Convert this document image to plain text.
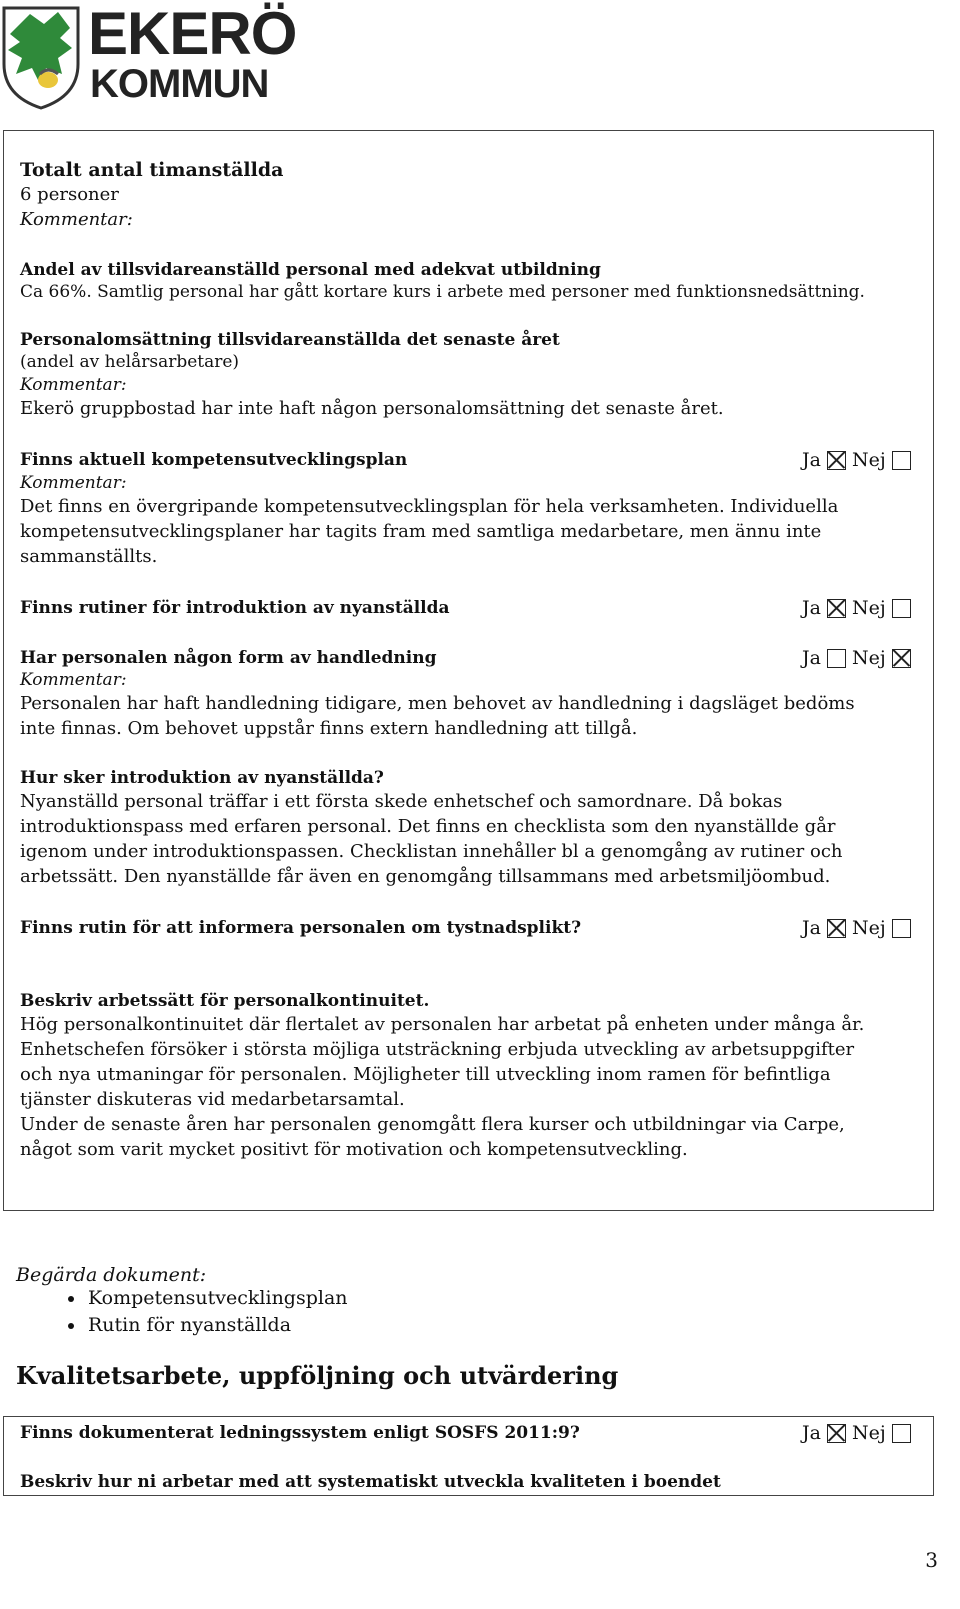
EKERÖ
KOMMUN
Totalt antal timanställda
6 personer
Kommentar:
Andel av tillsvidareanställd personal med adekvat utbildning
Ca 66%. Samtlig personal har gått kortare kurs i arbete med personer med funktionsnedsättning.
Personalomsättning tillsvidareanställda det senaste året
(andel av helårsarbetare)
Kommentar:
Ekerö gruppbostad har inte haft någon personalomsättning det senaste året.
Finns aktuell kompetensutvecklingsplan	Ja Nej
Kommentar:
Det finns en övergripande kompetensutvecklingsplan för hela verksamheten. Individuella
kompetensutvecklingsplaner har tagits fram med samtliga medarbetare, men ännu inte
sammanställts.
Finns rutiner för introduktion av nyanställda	Ja Nej
Har personalen någon form av handledning	Ja Nej
Kommentar:
Personalen har haft handledning tidigare, men behovet av handledning i dagsläget bedöms
inte finnas. Om behovet uppstår finns extern handledning att tillgå.
Hur sker introduktion av nyanställda?
Nyanställd personal träffar i ett första skede enhetschef och samordnare. Då bokas
introduktionspass med erfaren personal. Det finns en checklista som den nyanställde går
igenom under introduktionspassen. Checklistan innehåller bl a genomgång av rutiner och
arbetssätt. Den nyanställde får även en genomgång tillsammans med arbetsmiljöombud.
Finns rutin för att informera personalen om tystnadsplikt?	Ja Nej
Beskriv arbetssätt för personalkontinuitet.
Hög personalkontinuitet där flertalet av personalen har arbetat på enheten under många år.
Enhetschefen försöker i största möjliga utsträckning erbjuda utveckling av arbetsuppgifter
och nya utmaningar för personalen. Möjligheter till utveckling inom ramen för befintliga
tjänster diskuteras vid medarbetarsamtal.
Under de senaste åren har personalen genomgått flera kurser och utbildningar via Carpe,
något som varit mycket positivt för motivation och kompetensutveckling.
Begärda dokument:
• Kompetensutvecklingsplan
• Rutin för nyanställda
Kvalitetsarbete, uppföljning och utvärdering
Finns dokumenterat ledningssystem enligt SOSFS 2011:9?	Ja Nej
Beskriv hur ni arbetar med att systematiskt utveckla kvaliteten i boendet
3
